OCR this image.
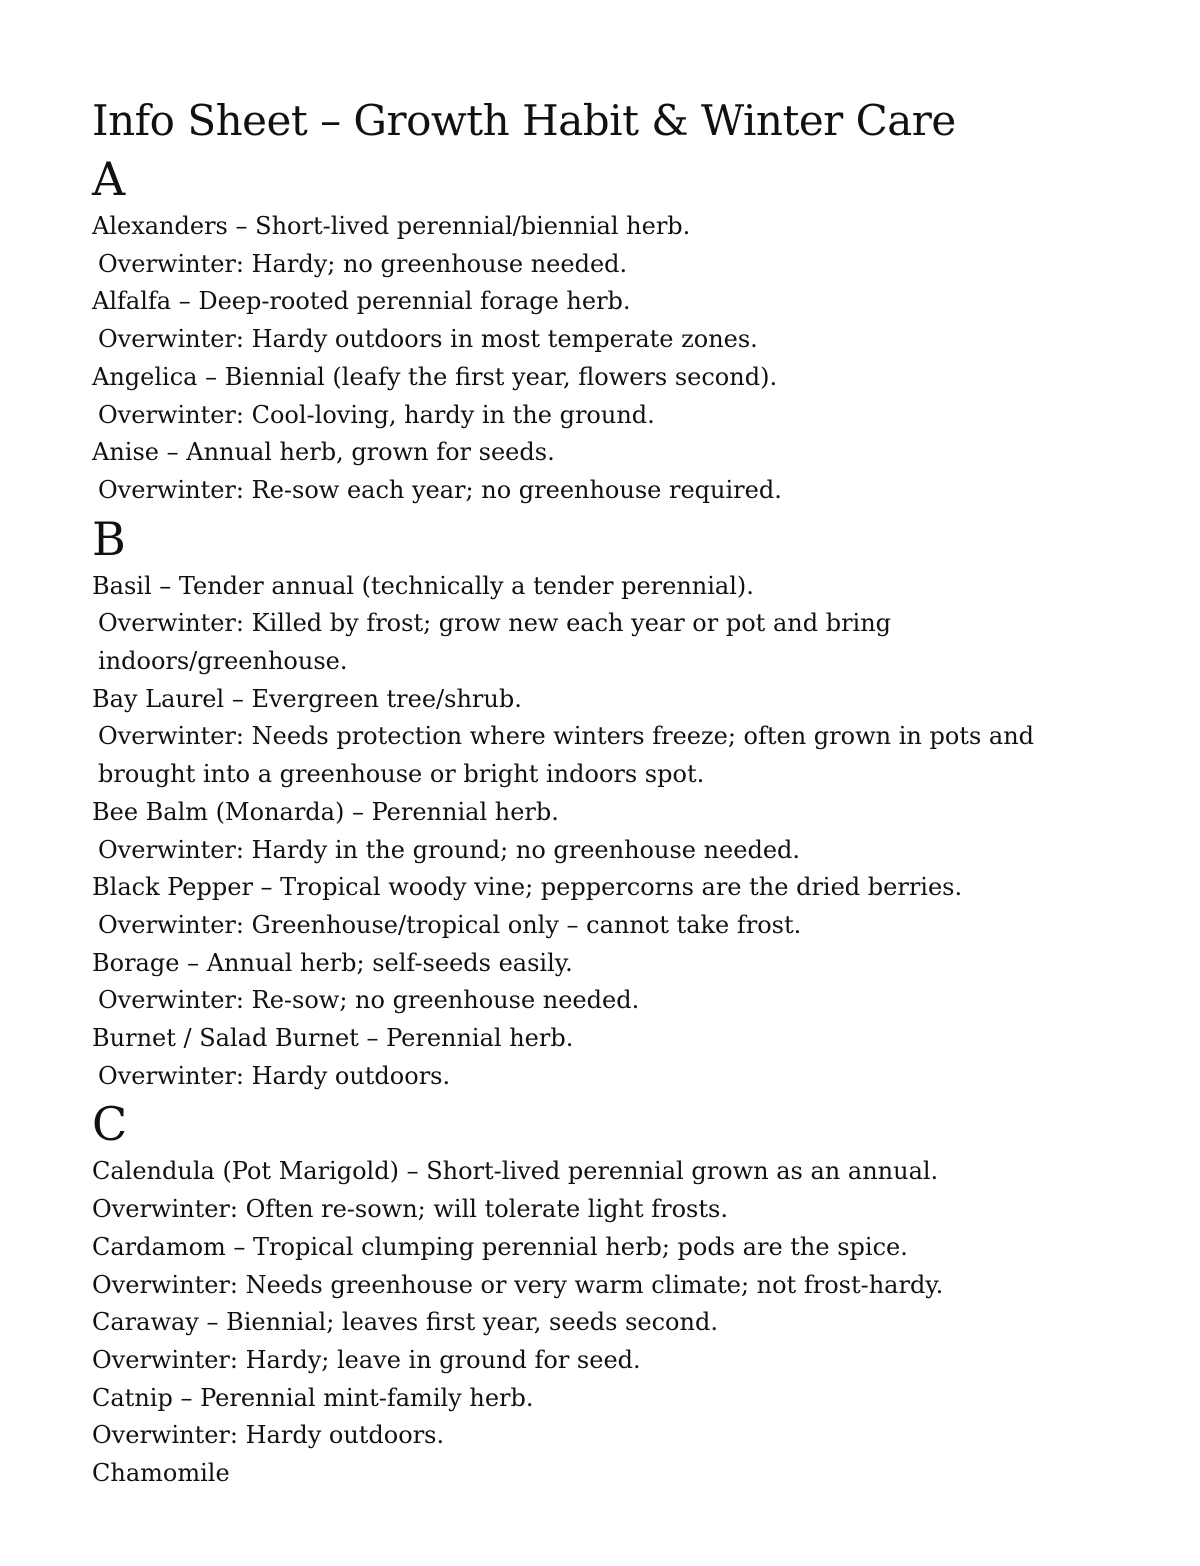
Info Sheet – Growth Habit & Winter Care
A

Alexanders – Short-lived perennial/biennial herb.

Overwinter: Hardy; no greenhouse needed.

Alfalfa – Deep-rooted perennial forage herb.

Overwinter: Hardy outdoors in most temperate zones.

Angelica – Biennial (leafy the first year, flowers second).

Overwinter: Cool-loving, hardy in the ground.

Anise – Annual herb, grown for seeds.

Overwinter: Re-sow each year; no greenhouse required.

B

Basil – Tender annual (technically a tender perennial).

Overwinter: Killed by frost; grow new each year or pot and bring indoors/greenhouse.

Bay Laurel – Evergreen tree/shrub.

Overwinter: Needs protection where winters freeze; often grown in pots and brought into a greenhouse or bright indoors spot.

Bee Balm (Monarda) – Perennial herb.

Overwinter: Hardy in the ground; no greenhouse needed.

Black Pepper – Tropical woody vine; peppercorns are the dried berries.

Overwinter: Greenhouse/tropical only – cannot take frost.

Borage – Annual herb; self-seeds easily.

Overwinter: Re-sow; no greenhouse needed.

Burnet / Salad Burnet – Perennial herb.

Overwinter: Hardy outdoors.

C

Calendula (Pot Marigold) – Short-lived perennial grown as an annual.

Overwinter: Often re-sown; will tolerate light frosts.

Cardamom – Tropical clumping perennial herb; pods are the spice.

Overwinter: Needs greenhouse or very warm climate; not frost-hardy.

Caraway – Biennial; leaves first year, seeds second.

Overwinter: Hardy; leave in ground for seed.

Catnip – Perennial mint-family herb.

Overwinter: Hardy outdoors.

Chamomile
